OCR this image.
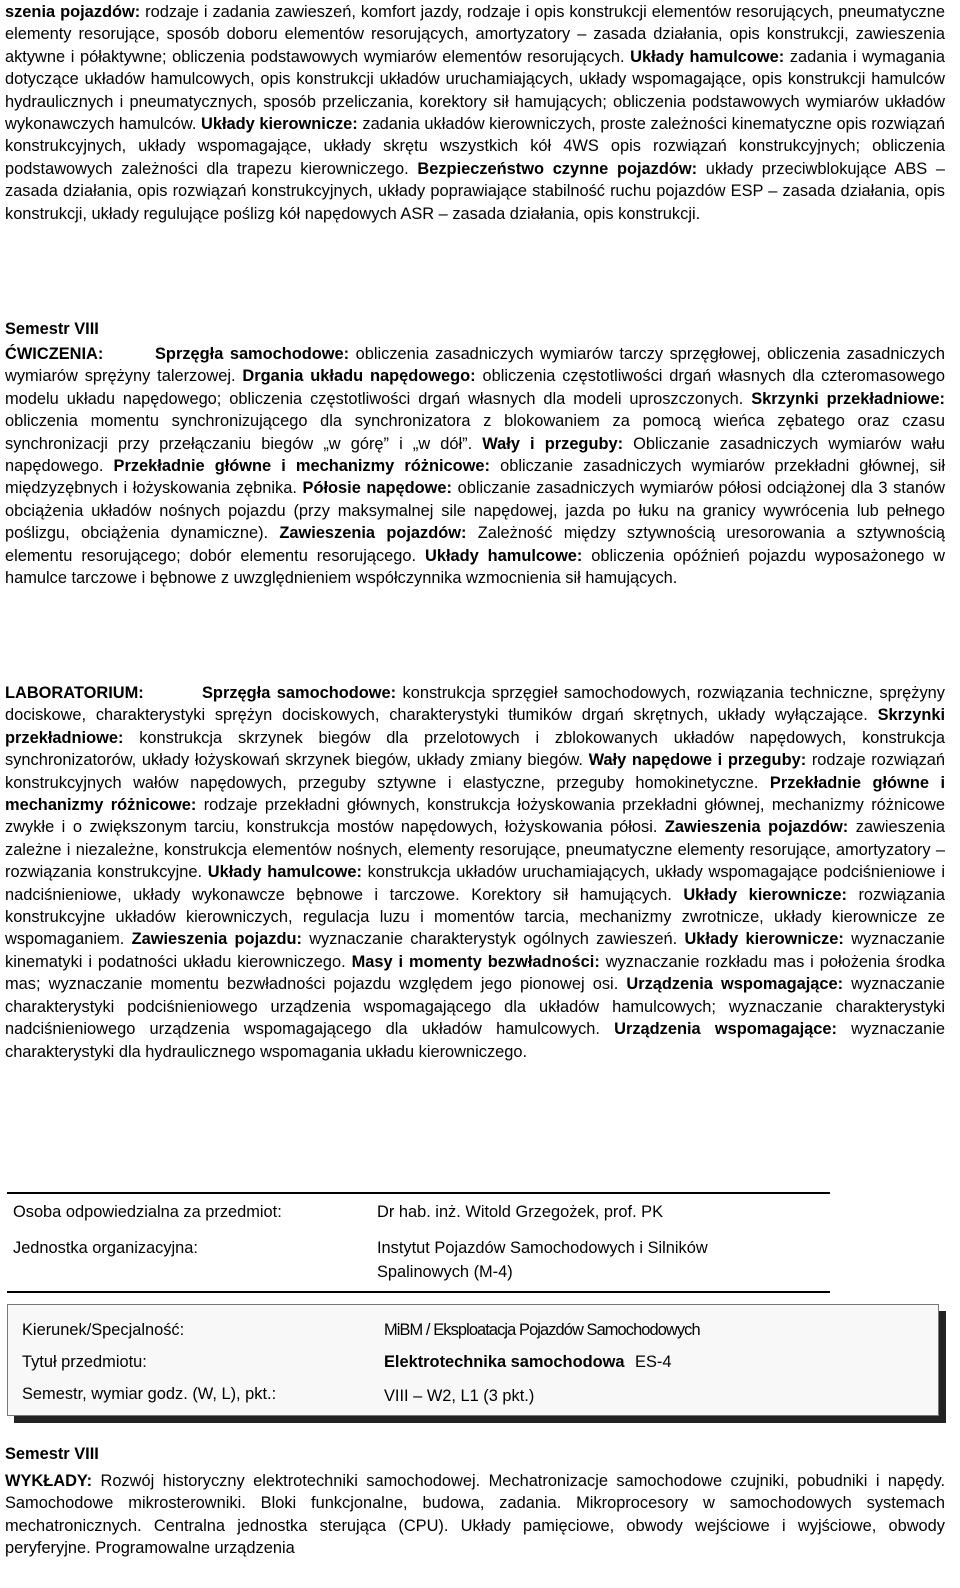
szenia pojazdów: rodzaje i zadania zawieszeń, komfort jazdy, rodzaje i opis konstrukcji elementów resorujących, pneumatyczne elementy resorujące, sposób doboru elementów resorujących, amortyzatory – zasada działania, opis konstrukcji, zawieszenia aktywne i półaktywne; obliczenia podstawowych wymiarów elementów resorujących. Układy hamulcowe: zadania i wymagania dotyczące układów hamulcowych, opis konstrukcji układów uruchamiających, układy wspomagające, opis konstrukcji hamulców hydraulicznych i pneumatycznych, sposób przeliczania, korektory sił hamujących; obliczenia podstawowych wymiarów układów wykonawczych hamulców. Układy kierownicze: zadania układów kierowniczych, proste zależności kinematyczne opis rozwiązań konstrukcyjnych, układy wspomagające, układy skrętu wszystkich kół 4WS opis rozwiązań konstrukcyjnych; obliczenia podstawowych zależności dla trapezu kierowniczego. Bezpieczeństwo czynne pojazdów: układy przeciwblokujące ABS – zasada działania, opis rozwiązań konstrukcyjnych, układy poprawiające stabilność ruchu pojazdów ESP – zasada działania, opis konstrukcji, układy regulujące poślizg kół napędowych ASR – zasada działania, opis konstrukcji.

Semestr VIII

ĆWICZENIA:	Sprzęgła samochodowe: obliczenia zasadniczych wymiarów tarczy sprzęgłowej, obliczenia zasadniczych wymiarów sprężyny talerzowej. Drgania układu napędowego: obliczenia częstotliwości drgań własnych dla czteromasowego modelu układu napędowego; obliczenia częstotliwości drgań własnych dla modeli uproszczonych. Skrzynki przekładniowe: obliczenia momentu synchronizującego dla synchronizatora z blokowaniem za pomocą wieńca zębatego oraz czasu synchronizacji przy przełączaniu biegów „w górę” i „w dół”. Wały i przeguby: Obliczanie zasadniczych wymiarów wału napędowego. Przekładnie główne i mechanizmy różnicowe: obliczanie zasadniczych wymiarów przekładni głównej, sił międzyzębnych i łożyskowania zębnika. Półosie napędowe: obliczanie zasadniczych wymiarów półosi odciążonej dla 3 stanów obciążenia układów nośnych pojazdu (przy maksymalnej sile napędowej, jazda po łuku na granicy wywrócenia lub pełnego poślizgu, obciążenia dynamiczne). Zawieszenia pojazdów: Zależność między sztywnością uresorowania a sztywnością elementu resorującego; dobór elementu resorującego. Układy hamulcowe: obliczenia opóźnień pojazdu wyposażonego w hamulce tarczowe i bębnowe z uwzględnieniem współczynnika wzmocnienia sił hamujących.

LABORATORIUM:	Sprzęgła samochodowe: konstrukcja sprzęgieł samochodowych, rozwiązania techniczne, sprężyny dociskowe, charakterystyki sprężyn dociskowych, charakterystyki tłumików drgań skrętnych, układy wyłączające. Skrzynki przekładniowe: konstrukcja skrzynek biegów dla przelotowych i zblokowanych układów napędowych, konstrukcja synchronizatorów, układy łożyskowań skrzynek biegów, układy zmiany biegów. Wały napędowe i przeguby: rodzaje rozwiązań konstrukcyjnych wałów napędowych, przeguby sztywne i elastyczne, przeguby homokinetyczne. Przekładnie główne i mechanizmy różnicowe: rodzaje przekładni głównych, konstrukcja łożyskowania przekładni głównej, mechanizmy różnicowe zwykłe i o zwiększonym tarciu, konstrukcja mostów napędowych, łożyskowania półosi. Zawieszenia pojazdów: zawieszenia zależne i niezależne, konstrukcja elementów nośnych, elementy resorujące, pneumatyczne elementy resorujące, amortyzatory – rozwiązania konstrukcyjne. Układy hamulcowe: konstrukcja układów uruchamiających, układy wspomagające podciśnieniowe i nadciśnieniowe, układy wykonawcze bębnowe i tarczowe. Korektory sił hamujących. Układy kierownicze: rozwiązania konstrukcyjne układów kierowniczych, regulacja luzu i momentów tarcia, mechanizmy zwrotnicze, układy kierownicze ze wspomaganiem. Zawieszenia pojazdu: wyznaczanie charakterystyk ogólnych zawieszeń. Układy kierownicze: wyznaczanie kinematyki i podatności układu kierowniczego. Masy i momenty bezwładności: wyznaczanie rozkładu mas i położenia środka mas; wyznaczanie momentu bezwładności pojazdu względem jego pionowej osi. Urządzenia wspomagające: wyznaczanie charakterystyki podciśnieniowego urządzenia wspomagającego dla układów hamulcowych; wyznaczanie charakterystyki nadciśnieniowego urządzenia wspomagającego dla układów hamulcowych. Urządzenia wspomagające: wyznaczanie charakterystyki dla hydraulicznego wspomagania układu kierowniczego.

Osoba odpowiedzialna za przedmiot:	Dr hab. inż. Witold Grzegożek, prof. PK
Jednostka organizacyjna:	Instytut Pojazdów Samochodowych i Silników
Spalinowych (M-4)
Kierunek/Specjalność:	MiBM / Eksploatacja Pojazdów Samochodowych
Tytuł przedmiotu:	Elektrotechnika samochodowa ES-4
Semestr, wymiar godz. (W, L), pkt.:	VIII – W2, L1 (3 pkt.)
Semestr VIII

WYKŁADY: Rozwój historyczny elektrotechniki samochodowej. Mechatronizacje samochodowe czujniki, pobudniki i napędy. Samochodowe mikrosterowniki. Bloki funkcjonalne, budowa, zadania. Mikroprocesory w samochodowych systemach mechatronicznych. Centralna jednostka sterująca (CPU). Układy pamięciowe, obwody wejściowe i wyjściowe, obwody peryferyjne. Programowalne urządzenia
